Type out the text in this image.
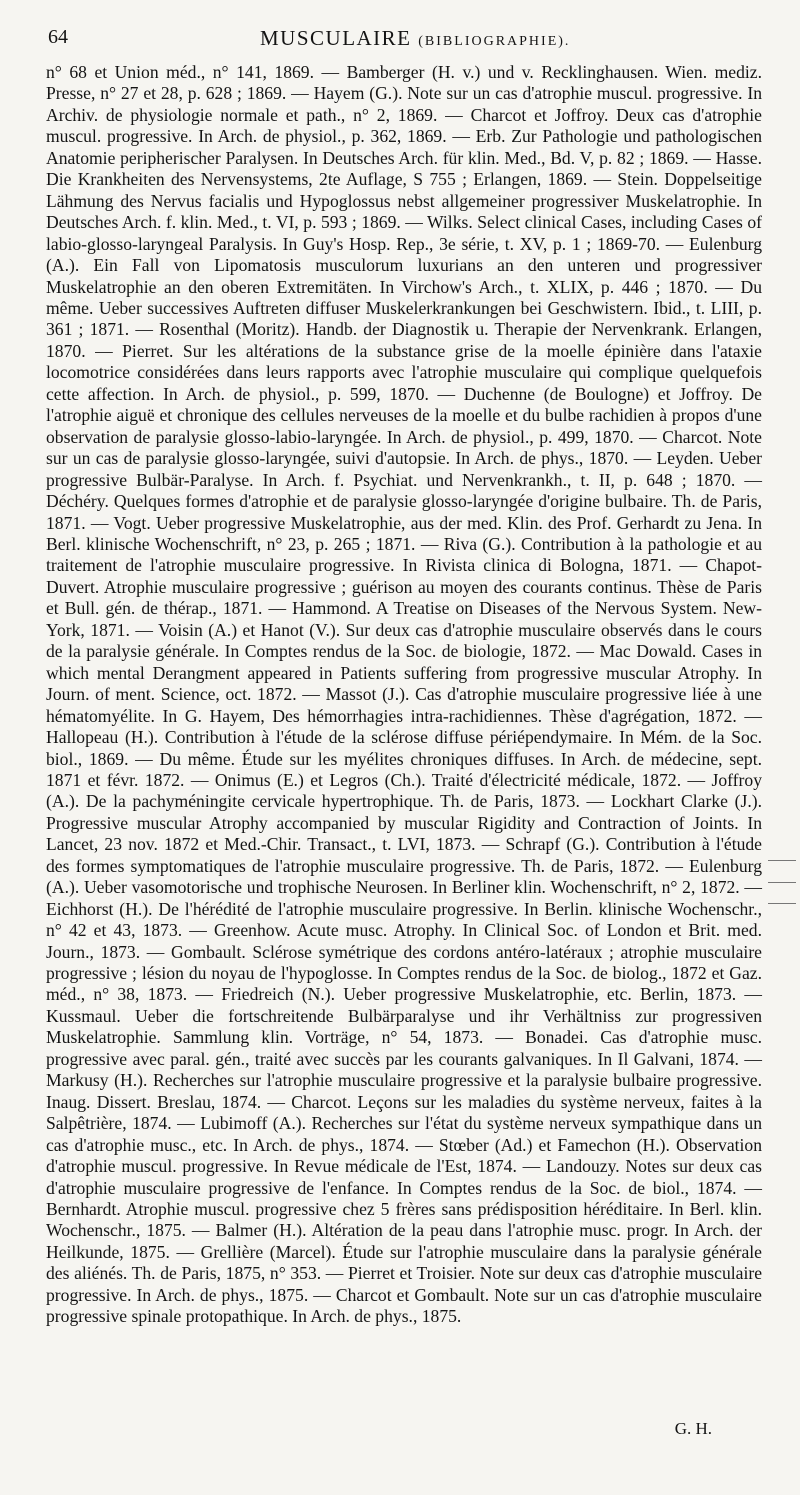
64	MUSCULAIRE (BIBLIOGRAPHIE).

n° 68 et Union méd., n° 141, 1869. — Bamberger (H. v.) und v. Recklinghausen. Wien. mediz. Presse, n° 27 et 28, p. 628 ; 1869. — Hayem (G.). Note sur un cas d'atrophie muscul. progressive. In Archiv. de physiologie normale et path., n° 2, 1869. — Charcot et Joffroy. Deux cas d'atrophie muscul. progressive. In Arch. de physiol., p. 362, 1869. — Erb. Zur Pathologie und pathologischen Anatomie peripherischer Paralysen. In Deutsches Arch. für klin. Med., Bd. V, p. 82 ; 1869. — Hasse. Die Krankheiten des Nervensystems, 2te Auflage, S 755 ; Erlangen, 1869. — Stein. Doppelseitige Lähmung des Nervus facialis und Hypoglossus nebst allgemeiner progressiver Muskelatrophie. In Deutsches Arch. f. klin. Med., t. VI, p. 593 ; 1869. — Wilks. Select clinical Cases, including Cases of labio-glosso-laryngeal Paralysis. In Guy's Hosp. Rep., 3e série, t. XV, p. 1 ; 1869-70. — Eulenburg (A.). Ein Fall von Lipomatosis musculorum luxurians an den unteren und progressiver Muskelatrophie an den oberen Extremitäten. In Virchow's Arch., t. XLIX, p. 446 ; 1870. — Du même. Ueber successives Auftreten diffuser Muskelerkrankungen bei Geschwistern. Ibid., t. LIII, p. 361 ; 1871. — Rosenthal (Moritz). Handb. der Diagnostik u. Therapie der Nervenkrank. Erlangen, 1870. — Pierret. Sur les altérations de la substance grise de la moelle épinière dans l'ataxie locomotrice considérées dans leurs rapports avec l'atrophie musculaire qui complique quelquefois cette affection. In Arch. de physiol., p. 599, 1870. — Duchenne (de Boulogne) et Joffroy. De l'atrophie aiguë et chronique des cellules nerveuses de la moelle et du bulbe rachidien à propos d'une observation de paralysie glosso-labio-laryngée. In Arch. de physiol., p. 499, 1870. — Charcot. Note sur un cas de paralysie glosso-laryngée, suivi d'autopsie. In Arch. de phys., 1870. — Leyden. Ueber progressive Bulbär-Paralyse. In Arch. f. Psychiat. und Nervenkrankh., t. II, p. 648 ; 1870. — Déchéry. Quelques formes d'atrophie et de paralysie glosso-laryngée d'origine bulbaire. Th. de Paris, 1871. — Vogt. Ueber progressive Muskelatrophie, aus der med. Klin. des Prof. Gerhardt zu Jena. In Berl. klinische Wochenschrift, n° 23, p. 265 ; 1871. — Riva (G.). Contribution à la pathologie et au traitement de l'atrophie musculaire progressive. In Rivista clinica di Bologna, 1871. — Chapot-Duvert. Atrophie musculaire progressive ; guérison au moyen des courants continus. Thèse de Paris et Bull. gén. de thérap., 1871. — Hammond. A Treatise on Diseases of the Nervous System. New-York, 1871. — Voisin (A.) et Hanot (V.). Sur deux cas d'atrophie musculaire observés dans le cours de la paralysie générale. In Comptes rendus de la Soc. de biologie, 1872. — Mac Dowald. Cases in which mental Derangment appeared in Patients suffering from progressive muscular Atrophy. In Journ. of ment. Science, oct. 1872. — Massot (J.). Cas d'atrophie musculaire progressive liée à une hématomyélite. In G. Hayem, Des hémorrhagies intra-rachidiennes. Thèse d'agrégation, 1872. — Hallopeau (H.). Contribution à l'étude de la sclérose diffuse périépendymaire. In Mém. de la Soc. biol., 1869. — Du même. Étude sur les myélites chroniques diffuses. In Arch. de médecine, sept. 1871 et févr. 1872. — Onimus (E.) et Legros (Ch.). Traité d'électricité médicale, 1872. — Joffroy (A.). De la pachyméningite cervicale hypertrophique. Th. de Paris, 1873. — Lockhart Clarke (J.). Progressive muscular Atrophy accompanied by muscular Rigidity and Contraction of Joints. In Lancet, 23 nov. 1872 et Med.-Chir. Transact., t. LVI, 1873. — Schrapf (G.). Contribution à l'étude des formes symptomatiques de l'atrophie musculaire progressive. Th. de Paris, 1872. — Eulenburg (A.). Ueber vasomotorische und trophische Neurosen. In Berliner klin. Wochenschrift, n° 2, 1872. — Eichhorst (H.). De l'hérédité de l'atrophie musculaire progressive. In Berlin. klinische Wochenschr., n° 42 et 43, 1873. — Greenhow. Acute musc. Atrophy. In Clinical Soc. of London et Brit. med. Journ., 1873. — Gombault. Sclérose symétrique des cordons antéro-latéraux ; atrophie musculaire progressive ; lésion du noyau de l'hypoglosse. In Comptes rendus de la Soc. de biolog., 1872 et Gaz. méd., n° 38, 1873. — Friedreich (N.). Ueber progressive Muskelatrophie, etc. Berlin, 1873. — Kussmaul. Ueber die fortschreitende Bulbärparalyse und ihr Verhältniss zur progressiven Muskelatrophie. Sammlung klin. Vorträge, n° 54, 1873. — Bonadei. Cas d'atrophie musc. progressive avec paral. gén., traité avec succès par les courants galvaniques. In Il Galvani, 1874. — Markusy (H.). Recherches sur l'atrophie musculaire progressive et la paralysie bulbaire progressive. Inaug. Dissert. Breslau, 1874. — Charcot. Leçons sur les maladies du système nerveux, faites à la Salpêtrière, 1874. — Lubimoff (A.). Recherches sur l'état du système nerveux sympathique dans un cas d'atrophie musc., etc. In Arch. de phys., 1874. — Stœber (Ad.) et Famechon (H.). Observation d'atrophie muscul. progressive. In Revue médicale de l'Est, 1874. — Landouzy. Notes sur deux cas d'atrophie musculaire progressive de l'enfance. In Comptes rendus de la Soc. de biol., 1874. — Bernhardt. Atrophie muscul. progressive chez 5 frères sans prédisposition héréditaire. In Berl. klin. Wochenschr., 1875. — Balmer (H.). Altération de la peau dans l'atrophie musc. progr. In Arch. der Heilkunde, 1875. — Grellière (Marcel). Étude sur l'atrophie musculaire dans la paralysie générale des aliénés. Th. de Paris, 1875, n° 353. — Pierret et Troisier. Note sur deux cas d'atrophie musculaire progressive. In Arch. de phys., 1875. — Charcot et Gombault. Note sur un cas d'atrophie musculaire progressive spinale protopathique. In Arch. de phys., 1875.

G. H.
